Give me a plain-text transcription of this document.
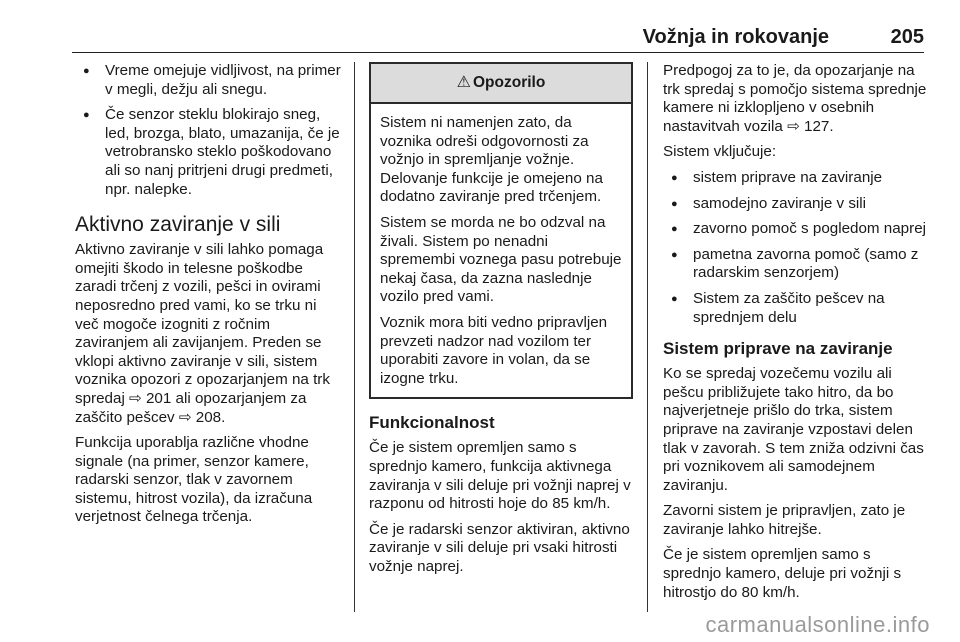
Vožnja in rokovanje	205
● Vreme omejuje vidljivost, na primer v megli, dežju ali snegu.
● Če senzor steklu blokirajo sneg, led, brozga, blato, umazanija, če je vetrobransko steklo poškodovano ali so nanj pritrjeni drugi predmeti, npr. nalepke.
Aktivno zaviranje v sili

Aktivno zaviranje v sili lahko pomaga omejiti škodo in telesne poškodbe zaradi trčenj z vozili, pešci in ovirami neposredno pred vami, ko se trku ni več mogoče izogniti z ročnim zaviranjem ali zavijanjem. Preden se vklopi aktivno zaviranje v sili, sistem voznika opozori z opozarjanjem na trk spredaj ⇨ 201 ali opozarjanjem za zaščito pešcev ⇨ 208.

Funkcija uporablja različne vhodne signale (na primer, senzor kamere, radarski senzor, tlak v zavornem sistemu, hitrost vozila), da izračuna verjetnost čelnega trčenja.

⚠ Opozorilo

Sistem ni namenjen zato, da voznika odreši odgovornosti za vožnjo in spremljanje vožnje. Delovanje funkcije je omejeno na dodatno zaviranje pred trčenjem.

Sistem se morda ne bo odzval na živali. Sistem po nenadni spremembi voznega pasu potrebuje nekaj časa, da zazna naslednje vozilo pred vami.

Voznik mora biti vedno pripravljen prevzeti nadzor nad vozilom ter uporabiti zavore in volan, da se izogne trku.

Funkcionalnost

Če je sistem opremljen samo s sprednjo kamero, funkcija aktivnega zaviranja v sili deluje pri vožnji naprej v razponu od hitrosti hoje do 85 km/h.

Če je radarski senzor aktiviran, aktivno zaviranje v sili deluje pri vsaki hitrosti vožnje naprej.

Predpogoj za to je, da opozarjanje na trk spredaj s pomočjo sistema sprednje kamere ni izklopljeno v osebnih nastavitvah vozila ⇨ 127.

Sistem vključuje:

● sistem priprave na zaviranje
● samodejno zaviranje v sili
● zavorno pomoč s pogledom naprej
● pametna zavorna pomoč (samo z radarskim senzorjem)
● Sistem za zaščito pešcev na sprednjem delu
Sistem priprave na zaviranje

Ko se spredaj vozečemu vozilu ali pešcu približujete tako hitro, da bo najverjetneje prišlo do trka, sistem priprave na zaviranje vzpostavi delen tlak v zavorah. S tem zniža odzivni čas pri voznikovem ali samodejnem zaviranju.

Zavorni sistem je pripravljen, zato je zaviranje lahko hitrejše.

Če je sistem opremljen samo s sprednjo kamero, deluje pri vožnji s hitrostjo do 80 km/h.

carmanualsonline.info
